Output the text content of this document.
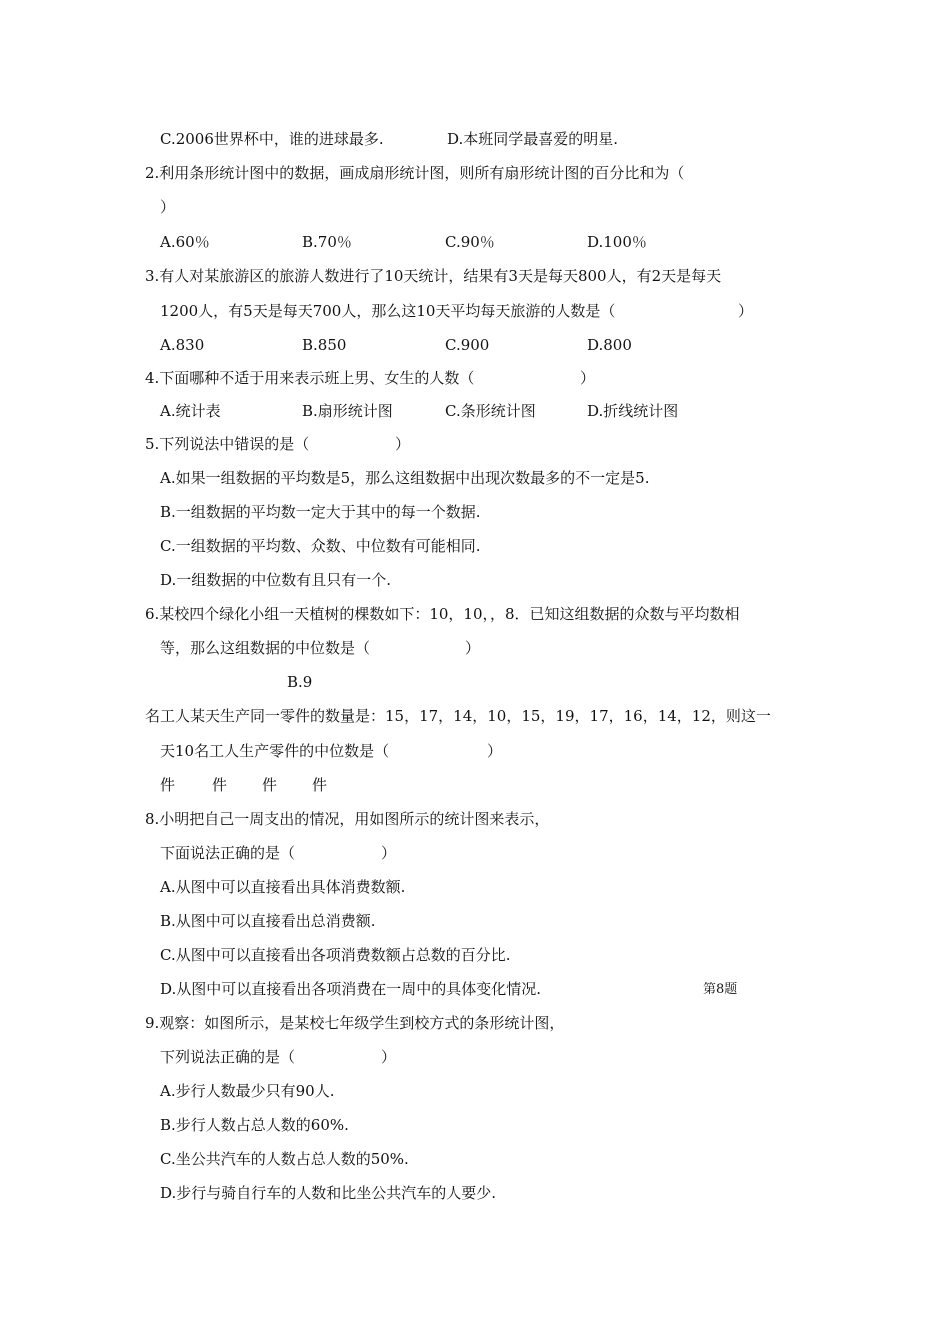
C.2006世界杯中，谁的进球最多.	D.本班同学最喜爱的明星.
2.利用条形统计图中的数据，画成扇形统计图，则所有扇形统计图的百分比和为（
）
A.60％	B.70％	C.90％	D.100％
3.有人对某旅游区的旅游人数进行了10天统计，结果有3天是每天800人，有2天是每天
1200人，有5天是每天700人，那么这10天平均每天旅游的人数是（	）
A.830	B.850	C.900	D.800
4.下面哪种不适于用来表示班上男、女生的人数（	）
A.统计表	B.扇形统计图	C.条形统计图	D.折线统计图
5.下列说法中错误的是（	）
A.如果一组数据的平均数是5，那么这组数据中出现次数最多的不一定是5.
B.一组数据的平均数一定大于其中的每一个数据.
C.一组数据的平均数、众数、中位数有可能相同.
D.一组数据的中位数有且只有一个.
6.某校四个绿化小组一天植树的棵数如下：10，10，，8．已知这组数据的众数与平均数相
等，那么这组数据的中位数是（	）
B.9
名工人某天生产同一零件的数量是：15，17，14，10，15，19，17，16，14，12，则这一
天10名工人生产零件的中位数是（	）
件 件 件 件
8.小明把自己一周支出的情况，用如图所示的统计图来表示，
下面说法正确的是（	）
A.从图中可以直接看出具体消费数额.
B.从图中可以直接看出总消费额.
C.从图中可以直接看出各项消费数额占总数的百分比.
D.从图中可以直接看出各项消费在一周中的具体变化情况.	第8题
9.观察：如图所示，是某校七年级学生到校方式的条形统计图，
下列说法正确的是（	）
A.步行人数最少只有90人.
B.步行人数占总人数的60%.
C.坐公共汽车的人数占总人数的50%.
D.步行与骑自行车的人数和比坐公共汽车的人要少.
